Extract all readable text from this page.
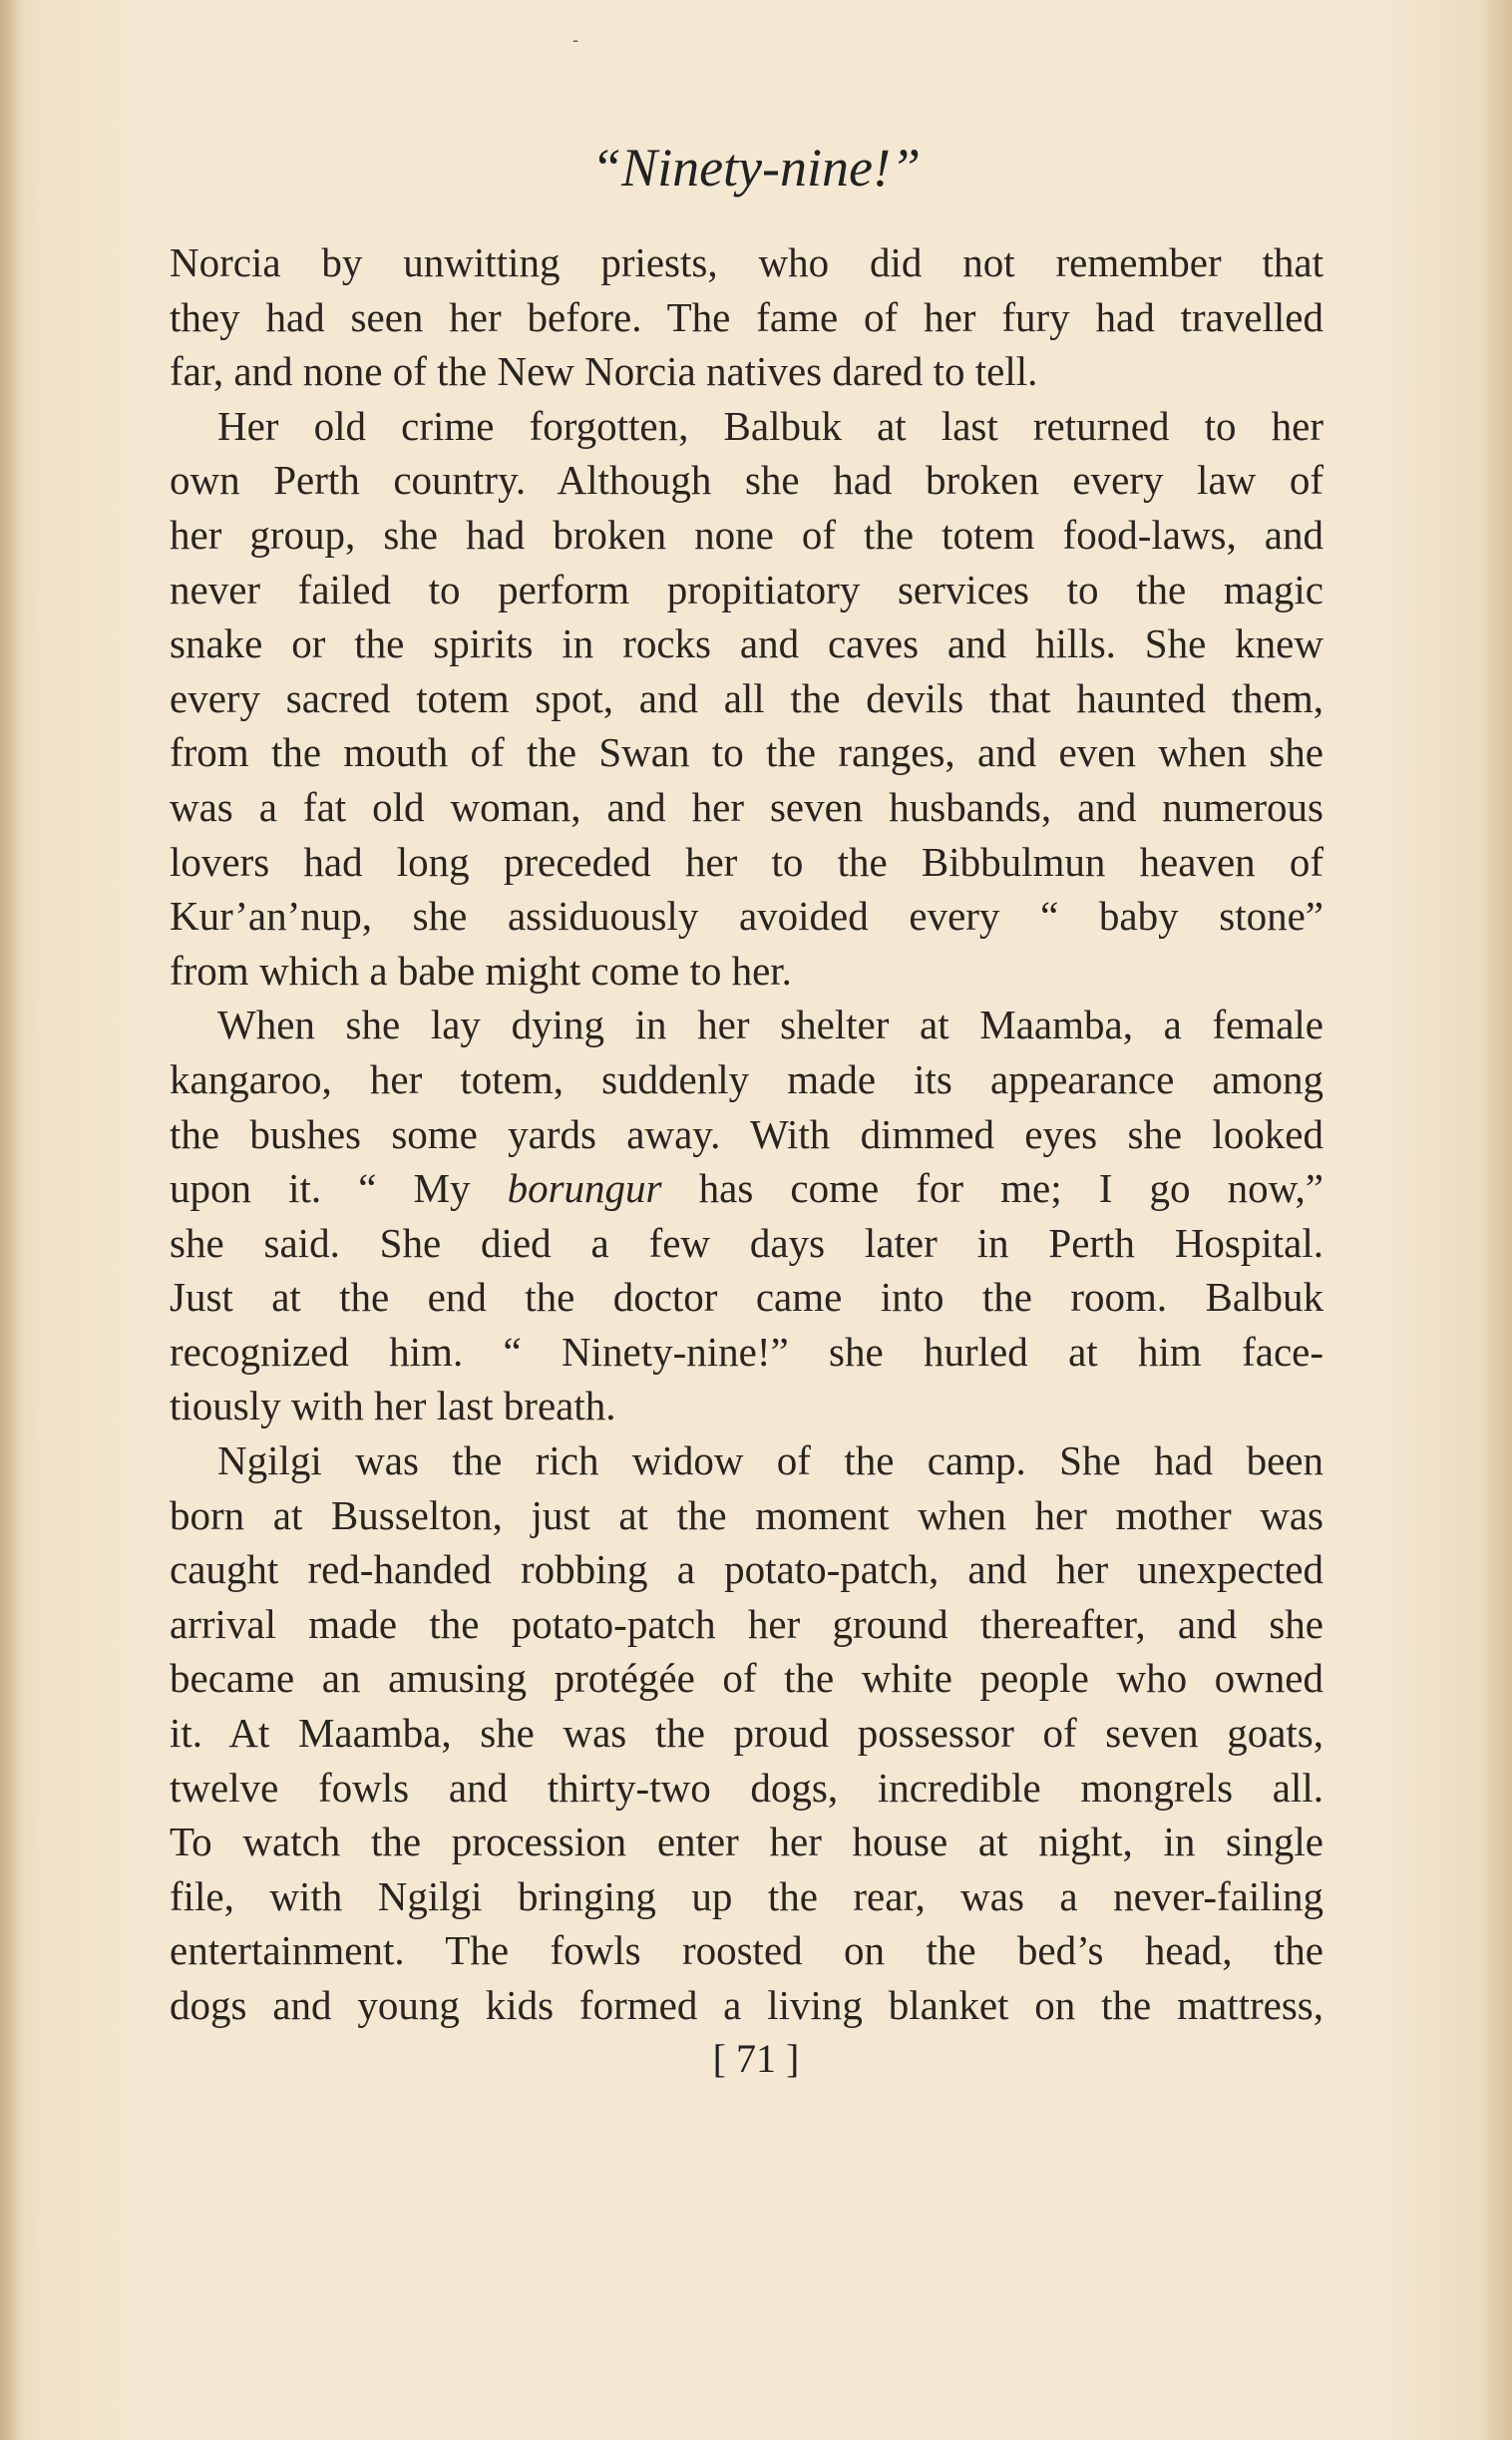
‑
“Ninety-nine!”
Norcia by unwitting priests, who did not remember that
they had seen her before. The fame of her fury had travelled
far, and none of the New Norcia natives dared to tell.
Her old crime forgotten, Balbuk at last returned to her
own Perth country. Although she had broken every law of
her group, she had broken none of the totem food-laws, and
never failed to perform propitiatory services to the magic
snake or the spirits in rocks and caves and hills. She knew
every sacred totem spot, and all the devils that haunted them,
from the mouth of the Swan to the ranges, and even when she
was a fat old woman, and her seven husbands, and numerous
lovers had long preceded her to the Bibbulmun heaven of
Kur’an’nup, she assiduously avoided every “ baby stone”
from which a babe might come to her.
When she lay dying in her shelter at Maamba, a female
kangaroo, her totem, suddenly made its appearance among
the bushes some yards away. With dimmed eyes she looked
upon it. “ My borungur has come for me; I go now,”
she said. She died a few days later in Perth Hospital.
Just at the end the doctor came into the room. Balbuk
recognized him. “ Ninety-nine!” she hurled at him face-
tiously with her last breath.
Ngilgi was the rich widow of the camp. She had been
born at Busselton, just at the moment when her mother was
caught red-handed robbing a potato-patch, and her unexpected
arrival made the potato-patch her ground thereafter, and she
became an amusing protégée of the white people who owned
it. At Maamba, she was the proud possessor of seven goats,
twelve fowls and thirty-two dogs, incredible mongrels all.
To watch the procession enter her house at night, in single
file, with Ngilgi bringing up the rear, was a never-failing
entertainment. The fowls roosted on the bed’s head, the
dogs and young kids formed a living blanket on the mattress,
[ 71 ]
